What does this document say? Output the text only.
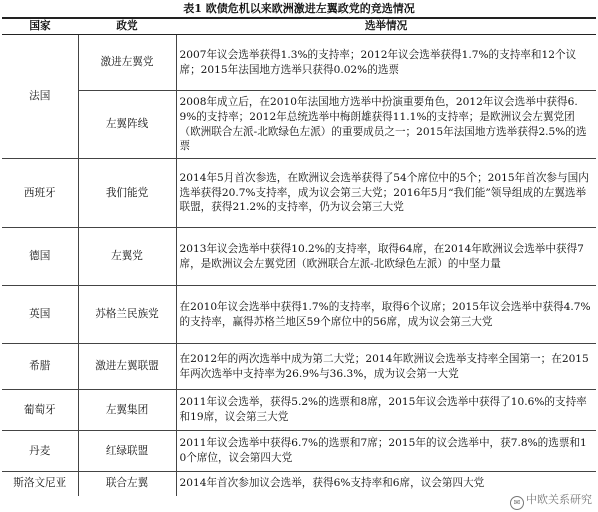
表1 欧债危机以来欧洲激进左翼政党的竞选情况
国家	政党	选举情况
法国	激进左翼党	2007年议会选举获得1.3%的支持率；2012年议会选举获得1.7%的支持率和12个议席；2015年法国地方选举只获得0.02%的选票
	左翼阵线	2008年成立后，在2010年法国地方选举中扮演重要角色，2012年议会选举中获得6.9%的支持率；2012年总统选举中梅朗雄获得11.1%的支持率；是欧洲议会左翼党团（欧洲联合左派-北欧绿色左派）的重要成员之一；2015年法国地方选举获得2.5%的选票
西班牙	我们能党	2014年5月首次参选，在欧洲议会选举获得了54个席位中的5个；2015年首次参与国内选举获得20.7%支持率，成为议会第三大党；2016年5月“我们能”领导组成的左翼选举联盟，获得21.2%的支持率，仍为议会第三大党
德国	左翼党	2013年议会选举中获得10.2%的支持率，取得64席，在2014年欧洲议会选举中获得7席，是欧洲议会左翼党团（欧洲联合左派-北欧绿色左派）的中坚力量
英国	苏格兰民族党	在2010年议会选举中获得1.7%的支持率，取得6个议席；2015年议会选举中获得4.7%的支持率，赢得苏格兰地区59个席位中的56席，成为议会第三大党
希腊	激进左翼联盟	在2012年的两次选举中成为第二大党；2014年欧洲议会选举支持率全国第一；在2015年两次选举中支持率为26.9%与36.3%，成为议会第一大党
葡萄牙	左翼集团	2011年议会选举，获得5.2%的选票和8席，2015年议会选举中获得了10.6%的支持率和19席，议会第三大党
丹麦	红绿联盟	2011年议会选举中获得6.7%的选票和7席；2015年的议会选举中，获7.8%的选票和10个席位，议会第四大党
斯洛文尼亚	联合左翼	2014年首次参加议会选举，获得6%支持率和6席，议会第四大党
✉ 中欧关系研究
